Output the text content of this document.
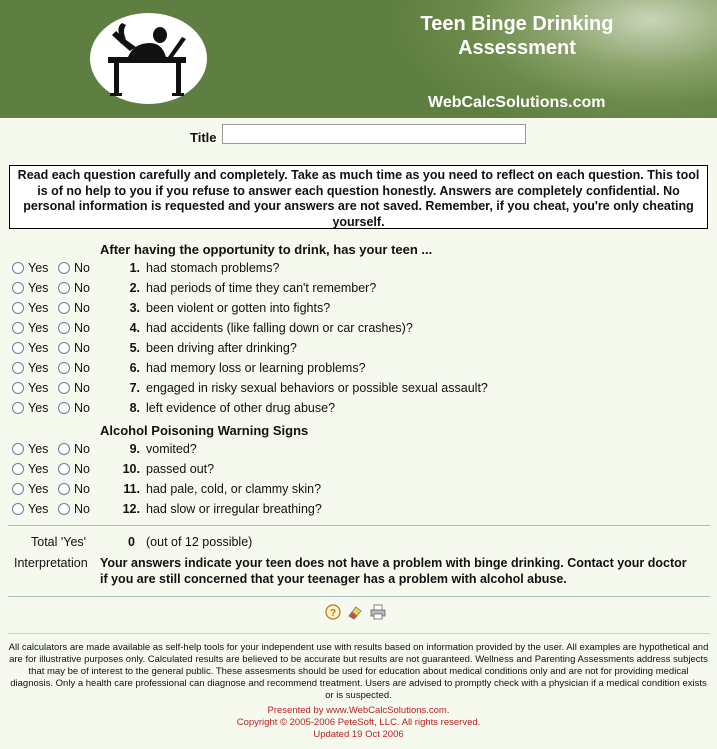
Teen Binge Drinking
Assessment
WebCalcSolutions.com
Title
Read each question carefully and completely. Take as much time as you need to reflect on each question. This tool is of no help to you if you refuse to answer each question honestly. Answers are completely confidential. No personal information is requested and your answers are not saved. Remember, if you cheat, you're only cheating yourself.
After having the opportunity to drink, has your teen ...
Alcohol Poisoning Warning Signs
Yes No	1. had stomach problems?
Yes No	2. had periods of time they can't remember?
Yes No	3. been violent or gotten into fights?
Yes No	4. had accidents (like falling down or car crashes)?
Yes No	5. been driving after drinking?
Yes No	6. had memory loss or learning problems?
Yes No	7. engaged in risky sexual behaviors or possible sexual assault?
Yes No	8. left evidence of other drug abuse?
Yes No	9. vomited?
Yes No	10. passed out?
Yes No	11. had pale, cold, or clammy skin?
Yes No	12. had slow or irregular breathing?
Total 'Yes'	0 (out of 12 possible)
Interpretation Your answers indicate your teen does not have a problem with binge drinking. Contact your doctor if you are still concerned that your teenager has a problem with alcohol abuse.
?
All calculators are made available as self-help tools for your independent use with results based on information provided by the user. All examples are hypothetical and are for illustrative purposes only. Calculated results are believed to be accurate but results are not guaranteed. Wellness and Parenting Assessments address subjects that may be of interest to the general public. These assesments should be used for education about medical conditions only and are not for providing medical diagnosis. Only a health care professional can diagnose and recommend treatment. Users are advised to promptly check with a physician if a medical condition exists or is suspected.
Presented by www.WebCalcSolutions.com.
Copyright © 2005-2006 PeteSoft, LLC. All rights reserved.
Updated 19 Oct 2006
